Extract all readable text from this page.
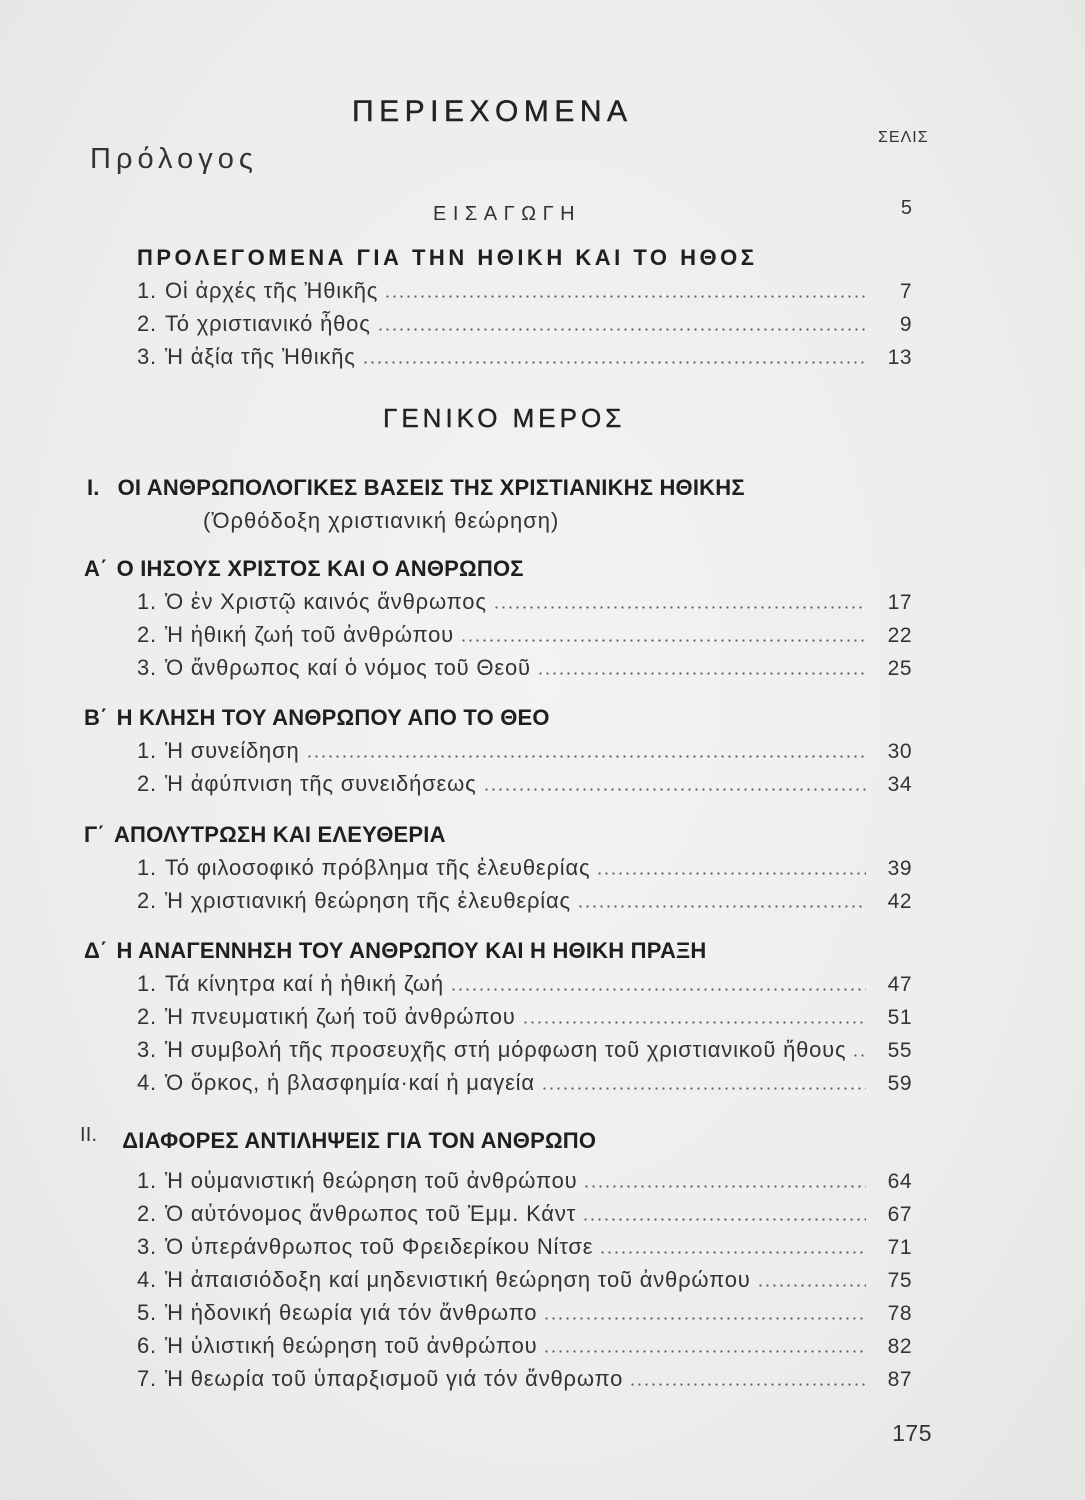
ΠΕΡΙΕΧΟΜΕΝΑ
ΣΕΛΙΣ
Πρόλογος
ΕΙΣΑΓΩΓΗ	5
ΓΕΝΙΚΟ ΜΕΡΟΣ
ΠΡΟΛΕΓΟΜΕΝΑ ΓΙΑ ΤΗΝ ΗΘΙΚΗ ΚΑΙ ΤΟ ΗΘΟΣ
1. Οἱ ἀρχές τῆς Ἠθικῆς	7
2. Τό χριστιανικό ἦθος	9
3. Ἡ ἀξία τῆς Ἠθικῆς	13
I. ΟΙ ΑΝΘΡΩΠΟΛΟΓΙΚΕΣ ΒΑΣΕΙΣ ΤΗΣ ΧΡΙΣΤΙΑΝΙΚΗΣ ΗΘΙΚΗΣ
(Ὀρθόδοξη χριστιανική θεώρηση)
Α΄ Ο ΙΗΣΟΥΣ ΧΡΙΣΤΟΣ ΚΑΙ Ο ΑΝΘΡΩΠΟΣ
1. Ὁ ἐν Χριστῷ καινός ἄνθρωπος	17
2. Ἡ ἠθική ζωή τοῦ ἀνθρώπου	22
3. Ὁ ἄνθρωπος καί ὁ νόμος τοῦ Θεοῦ	25
Β΄ Η ΚΛΗΣΗ ΤΟΥ ΑΝΘΡΩΠΟΥ ΑΠΟ ΤΟ ΘΕΟ
1. Ἡ συνείδηση	30
2. Ἡ ἀφύπνιση τῆς συνειδήσεως	34
Γ΄ ΑΠΟΛΥΤΡΩΣΗ ΚΑΙ ΕΛΕΥΘΕΡΙΑ
1. Τό φιλοσοφικό πρόβλημα τῆς ἐλευθερίας	39
2. Ἡ χριστιανική θεώρηση τῆς ἐλευθερίας	42
Δ΄ Η ΑΝΑΓΕΝΝΗΣΗ ΤΟΥ ΑΝΘΡΩΠΟΥ ΚΑΙ Η ΗΘΙΚΗ ΠΡΑΞΗ
1. Τά κίνητρα καί ἡ ἠθική ζωή	47
2. Ἡ πνευματική ζωή τοῦ ἀνθρώπου	51
3. Ἡ συμβολή τῆς προσευχῆς στή μόρφωση τοῦ χριστιανικοῦ ἤθους	55
4. Ὁ ὅρκος, ἡ βλασφημία·καί ἡ μαγεία	59
II. ΔΙΑΦΟΡΕΣ ΑΝΤΙΛΗΨΕΙΣ ΓΙΑ ΤΟΝ ΑΝΘΡΩΠΟ
1. Ἡ οὑμανιστική θεώρηση τοῦ ἀνθρώπου	64
2. Ὁ αὐτόνομος ἄνθρωπος τοῦ Ἐμμ. Κάντ	67
3. Ὁ ὑπεράνθρωπος τοῦ Φρειδερίκου Νίτσε	71
4. Ἡ ἀπαισιόδοξη καί μηδενιστική θεώρηση τοῦ ἀνθρώπου	75
5. Ἡ ἡδονική θεωρία γιά τόν ἄνθρωπο	78
6. Ἡ ὑλιστική θεώρηση τοῦ ἀνθρώπου	82
7. Ἡ θεωρία τοῦ ὑπαρξισμοῦ γιά τόν ἄνθρωπο	87
175
